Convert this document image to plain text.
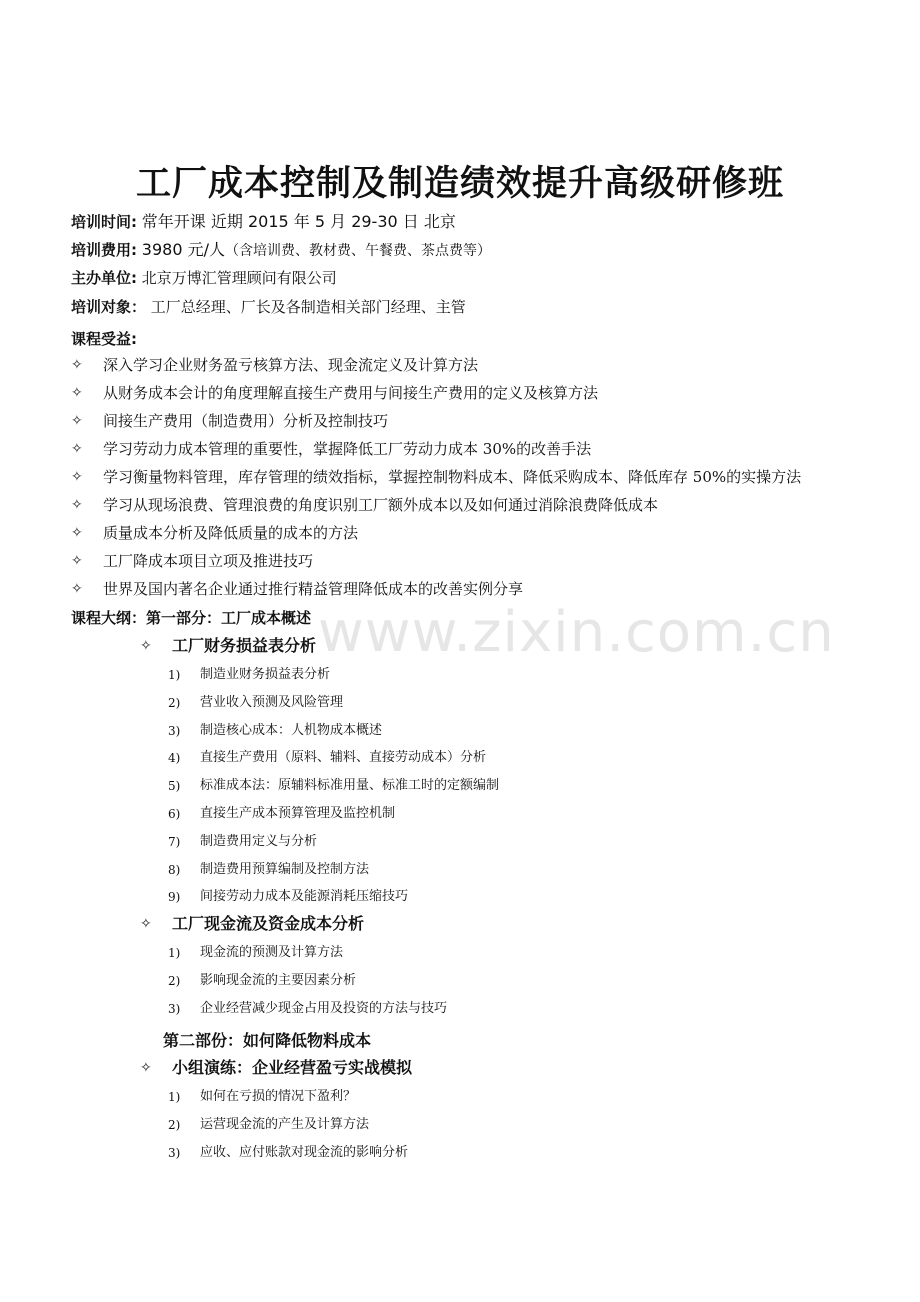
www.zixin.com.cn
工厂成本控制及制造绩效提升高级研修班
培训时间: 常年开课 近期 2015 年 5 月 29-30 日 北京
培训费用: 3980 元/人（含培训费、教材费、午餐费、茶点费等）
主办单位: 北京万博汇管理顾问有限公司
培训对象： 工厂总经理、厂长及各制造相关部门经理、主管
课程受益:
✧	深入学习企业财务盈亏核算方法、现金流定义及计算方法
✧	从财务成本会计的角度理解直接生产费用与间接生产费用的定义及核算方法
✧	间接生产费用（制造费用）分析及控制技巧
✧	学习劳动力成本管理的重要性，掌握降低工厂劳动力成本 30%的改善手法
✧	学习衡量物料管理，库存管理的绩效指标，掌握控制物料成本、降低采购成本、降低库存 50%的实操方法
✧	学习从现场浪费、管理浪费的角度识别工厂额外成本以及如何通过消除浪费降低成本
✧	质量成本分析及降低质量的成本的方法
✧	工厂降成本项目立项及推进技巧
✧	世界及国内著名企业通过推行精益管理降低成本的改善实例分享
课程大纲：第一部分：工厂成本概述
✧	工厂财务损益表分析
1)	制造业财务损益表分析
2)	营业收入预测及风险管理
3)	制造核心成本：人机物成本概述
4)	直接生产费用（原料、辅料、直接劳动成本）分析
5)	标准成本法：原辅料标准用量、标准工时的定额编制
6)	直接生产成本预算管理及监控机制
7)	制造费用定义与分析
8)	制造费用预算编制及控制方法
9)	间接劳动力成本及能源消耗压缩技巧
✧	工厂现金流及资金成本分析
1)	现金流的预测及计算方法
2)	影响现金流的主要因素分析
3)	企业经营减少现金占用及投资的方法与技巧
第二部份：如何降低物料成本
✧	小组演练：企业经营盈亏实战模拟
1)	如何在亏损的情况下盈利？
2)	运营现金流的产生及计算方法
3)	应收、应付账款对现金流的影响分析
